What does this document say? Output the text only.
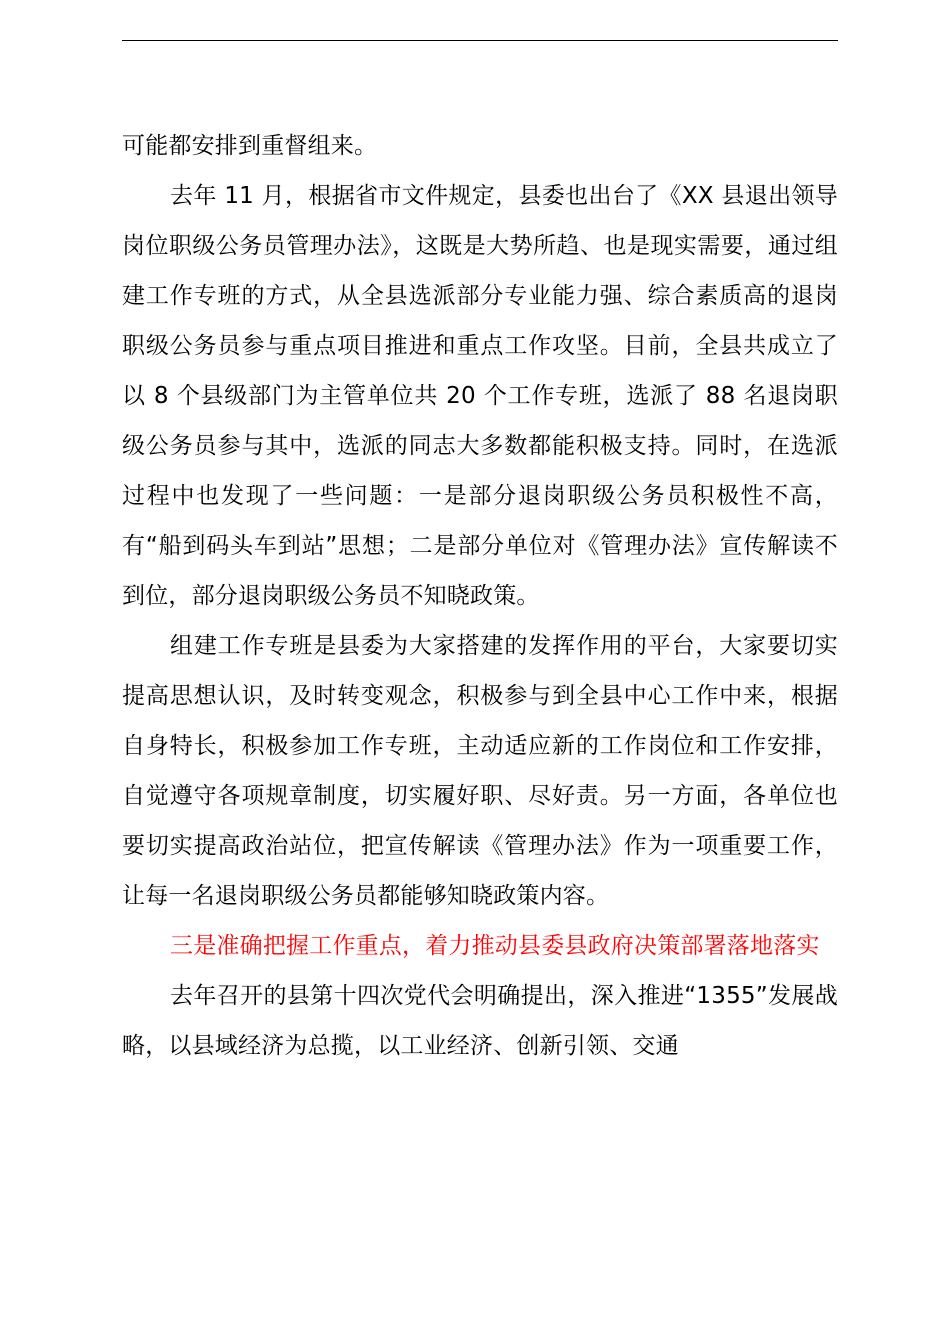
可能都安排到重督组来。

去年 11 月，根据省市文件规定，县委也出台了《XX 县退出领导岗位职级公务员管理办法》，这既是大势所趋、也是现实需要，通过组建工作专班的方式，从全县选派部分专业能力强、综合素质高的退岗职级公务员参与重点项目推进和重点工作攻坚。目前，全县共成立了以 8 个县级部门为主管单位共 20 个工作专班，选派了 88 名退岗职级公务员参与其中，选派的同志大多数都能积极支持。同时，在选派过程中也发现了一些问题：一是部分退岗职级公务员积极性不高，有“船到码头车到站”思想；二是部分单位对《管理办法》宣传解读不到位，部分退岗职级公务员不知晓政策。

组建工作专班是县委为大家搭建的发挥作用的平台，大家要切实提高思想认识，及时转变观念，积极参与到全县中心工作中来，根据自身特长，积极参加工作专班，主动适应新的工作岗位和工作安排，自觉遵守各项规章制度，切实履好职、尽好责。另一方面，各单位也要切实提高政治站位，把宣传解读《管理办法》作为一项重要工作，让每一名退岗职级公务员都能够知晓政策内容。

三是准确把握工作重点，着力推动县委县政府决策部署落地落实

去年召开的县第十四次党代会明确提出，深入推进“1355”发展战略，以县域经济为总揽，以工业经济、创新引领、交通
